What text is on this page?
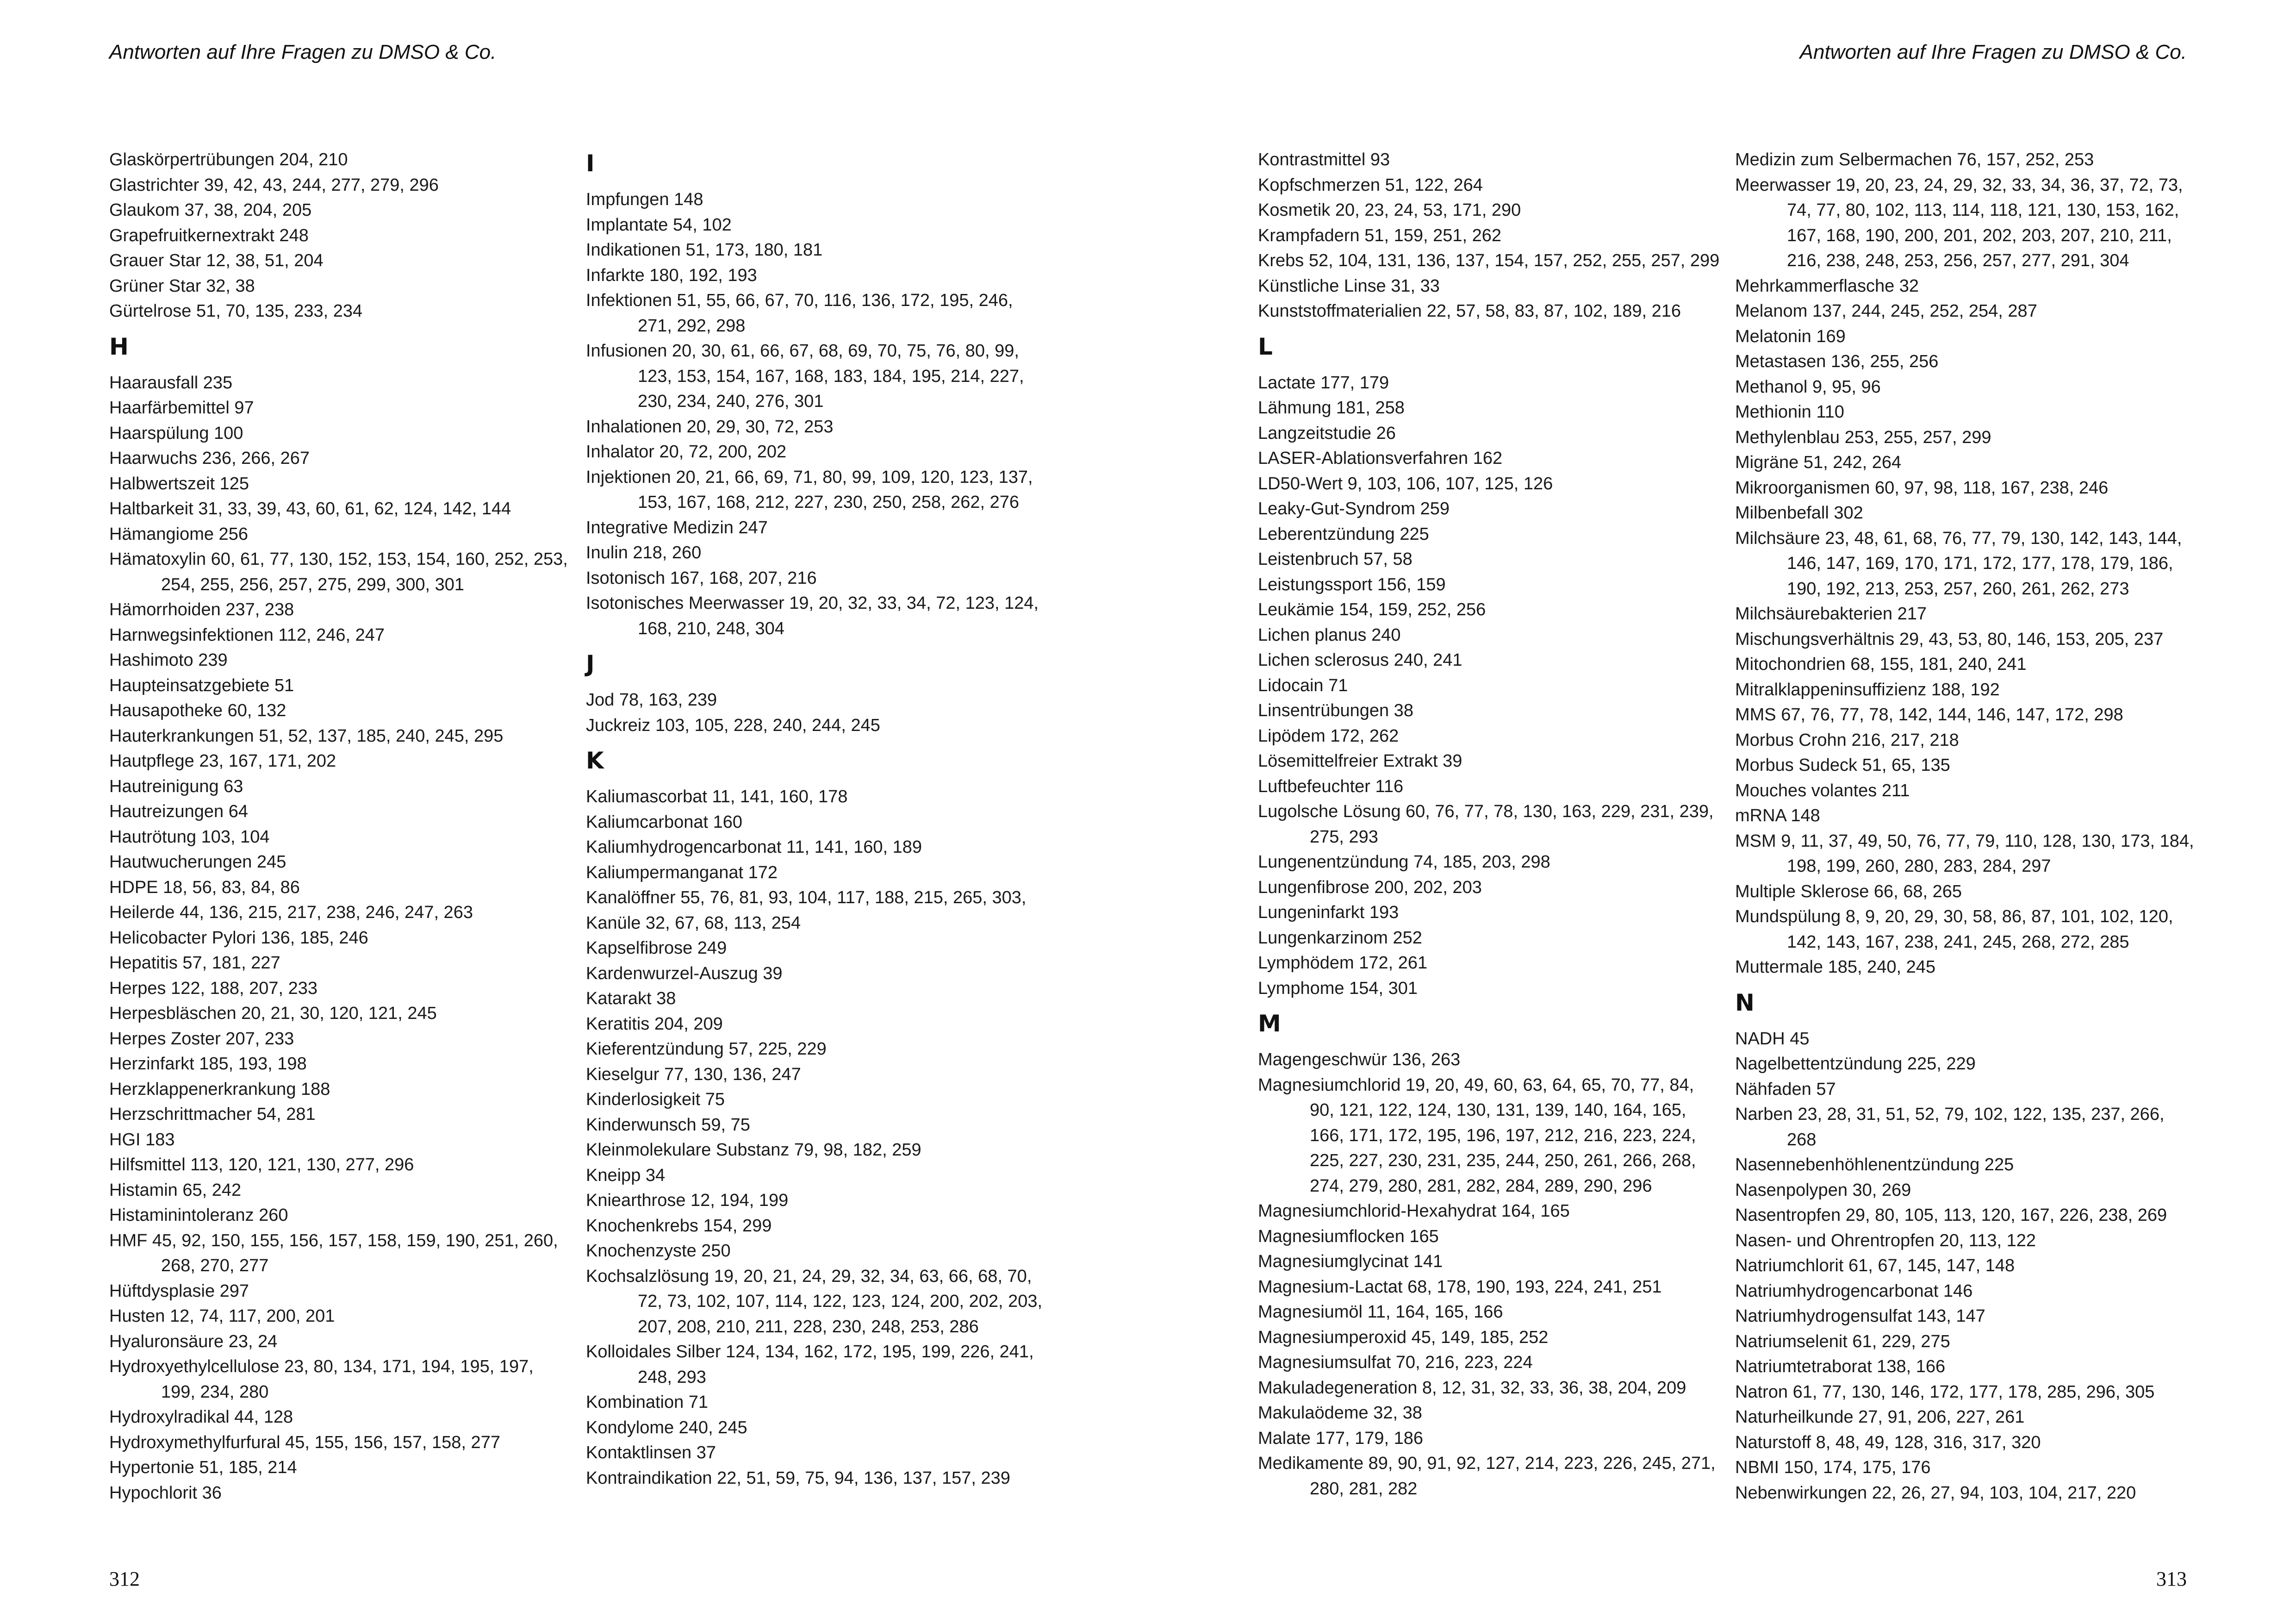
Antworten auf Ihre Fragen zu DMSO & Co.	Antworten auf Ihre Fragen zu DMSO & Co.
Glaskörpertrübungen 204, 210
Glastrichter 39, 42, 43, 244, 277, 279, 296
Glaukom 37, 38, 204, 205
Grapefruitkernextrakt 248
Grauer Star 12, 38, 51, 204
Grüner Star 32, 38
Gürtelrose 51, 70, 135, 233, 234
H
Haarausfall 235
Haarfärbemittel 97
Haarspülung 100
Haarwuchs 236, 266, 267
Halbwertszeit 125
Haltbarkeit 31, 33, 39, 43, 60, 61, 62, 124, 142, 144
Hämangiome 256
Hämatoxylin 60, 61, 77, 130, 152, 153, 154, 160, 252, 253, 254, 255, 256, 257, 275, 299, 300, 301
Hämorrhoiden 237, 238
Harnwegsinfektionen 112, 246, 247
Hashimoto 239
Haupteinsatzgebiete 51
Hausapotheke 60, 132
Hauterkrankungen 51, 52, 137, 185, 240, 245, 295
Hautpflege 23, 167, 171, 202
Hautreinigung 63
Hautreizungen 64
Hautrötung 103, 104
Hautwucherungen 245
HDPE 18, 56, 83, 84, 86
Heilerde 44, 136, 215, 217, 238, 246, 247, 263
Helicobacter Pylori 136, 185, 246
Hepatitis 57, 181, 227
Herpes 122, 188, 207, 233
Herpesbläschen 20, 21, 30, 120, 121, 245
Herpes Zoster 207, 233
Herzinfarkt 185, 193, 198
Herzklappenerkrankung 188
Herzschrittmacher 54, 281
HGI 183
Hilfsmittel 113, 120, 121, 130, 277, 296
Histamin 65, 242
Histaminintoleranz 260
HMF 45, 92, 150, 155, 156, 157, 158, 159, 190, 251, 260, 268, 270, 277
Hüftdysplasie 297
Husten 12, 74, 117, 200, 201
Hyaluronsäure 23, 24
Hydroxyethylcellulose 23, 80, 134, 171, 194, 195, 197, 199, 234, 280
Hydroxylradikal 44, 128
Hydroxymethylfurfural 45, 155, 156, 157, 158, 277
Hypertonie 51, 185, 214
Hypochlorit 36
I
Impfungen 148
Implantate 54, 102
Indikationen 51, 173, 180, 181
Infarkte 180, 192, 193
Infektionen 51, 55, 66, 67, 70, 116, 136, 172, 195, 246, 271, 292, 298
Infusionen 20, 30, 61, 66, 67, 68, 69, 70, 75, 76, 80, 99, 123, 153, 154, 167, 168, 183, 184, 195, 214, 227, 230, 234, 240, 276, 301
Inhalationen 20, 29, 30, 72, 253
Inhalator 20, 72, 200, 202
Injektionen 20, 21, 66, 69, 71, 80, 99, 109, 120, 123, 137, 153, 167, 168, 212, 227, 230, 250, 258, 262, 276
Integrative Medizin 247
Inulin 218, 260
Isotonisch 167, 168, 207, 216
Isotonisches Meerwasser 19, 20, 32, 33, 34, 72, 123, 124, 168, 210, 248, 304
J
Jod 78, 163, 239
Juckreiz 103, 105, 228, 240, 244, 245
K
Kaliumascorbat 11, 141, 160, 178
Kaliumcarbonat 160
Kaliumhydrogencarbonat 11, 141, 160, 189
Kaliumpermanganat 172
Kanalöffner 55, 76, 81, 93, 104, 117, 188, 215, 265, 303,
Kanüle 32, 67, 68, 113, 254
Kapselfibrose 249
Kardenwurzel-Auszug 39
Katarakt 38
Keratitis 204, 209
Kieferentzündung 57, 225, 229
Kieselgur 77, 130, 136, 247
Kinderlosigkeit 75
Kinderwunsch 59, 75
Kleinmolekulare Substanz 79, 98, 182, 259
Kneipp 34
Kniearthrose 12, 194, 199
Knochenkrebs 154, 299
Knochenzyste 250
Kochsalzlösung 19, 20, 21, 24, 29, 32, 34, 63, 66, 68, 70, 72, 73, 102, 107, 114, 122, 123, 124, 200, 202, 203, 207, 208, 210, 211, 228, 230, 248, 253, 286
Kolloidales Silber 124, 134, 162, 172, 195, 199, 226, 241, 248, 293
Kombination 71
Kondylome 240, 245
Kontaktlinsen 37
Kontraindikation 22, 51, 59, 75, 94, 136, 137, 157, 239
Kontrastmittel 93
Kopfschmerzen 51, 122, 264
Kosmetik 20, 23, 24, 53, 171, 290
Krampfadern 51, 159, 251, 262
Krebs 52, 104, 131, 136, 137, 154, 157, 252, 255, 257, 299
Künstliche Linse 31, 33
Kunststoffmaterialien 22, 57, 58, 83, 87, 102, 189, 216
L
Lactate 177, 179
Lähmung 181, 258
Langzeitstudie 26
LASER-Ablationsverfahren 162
LD50-Wert 9, 103, 106, 107, 125, 126
Leaky-Gut-Syndrom 259
Leberentzündung 225
Leistenbruch 57, 58
Leistungssport 156, 159
Leukämie 154, 159, 252, 256
Lichen planus 240
Lichen sclerosus 240, 241
Lidocain 71
Linsentrübungen 38
Lipödem 172, 262
Lösemittelfreier Extrakt 39
Luftbefeuchter 116
Lugolsche Lösung 60, 76, 77, 78, 130, 163, 229, 231, 239, 275, 293
Lungenentzündung 74, 185, 203, 298
Lungenfibrose 200, 202, 203
Lungeninfarkt 193
Lungenkarzinom 252
Lymphödem 172, 261
Lymphome 154, 301
M
Magengeschwür 136, 263
Magnesiumchlorid 19, 20, 49, 60, 63, 64, 65, 70, 77, 84, 90, 121, 122, 124, 130, 131, 139, 140, 164, 165, 166, 171, 172, 195, 196, 197, 212, 216, 223, 224, 225, 227, 230, 231, 235, 244, 250, 261, 266, 268, 274, 279, 280, 281, 282, 284, 289, 290, 296
Magnesiumchlorid-Hexahydrat 164, 165
Magnesiumflocken 165
Magnesiumglycinat 141
Magnesium-Lactat 68, 178, 190, 193, 224, 241, 251
Magnesiumöl 11, 164, 165, 166
Magnesiumperoxid 45, 149, 185, 252
Magnesiumsulfat 70, 216, 223, 224
Makuladegeneration 8, 12, 31, 32, 33, 36, 38, 204, 209
Makulaödeme 32, 38
Malate 177, 179, 186
Medikamente 89, 90, 91, 92, 127, 214, 223, 226, 245, 271, 280, 281, 282
Medizin zum Selbermachen 76, 157, 252, 253
Meerwasser 19, 20, 23, 24, 29, 32, 33, 34, 36, 37, 72, 73, 74, 77, 80, 102, 113, 114, 118, 121, 130, 153, 162, 167, 168, 190, 200, 201, 202, 203, 207, 210, 211, 216, 238, 248, 253, 256, 257, 277, 291, 304
Mehrkammerflasche 32
Melanom 137, 244, 245, 252, 254, 287
Melatonin 169
Metastasen 136, 255, 256
Methanol 9, 95, 96
Methionin 110
Methylenblau 253, 255, 257, 299
Migräne 51, 242, 264
Mikroorganismen 60, 97, 98, 118, 167, 238, 246
Milbenbefall 302
Milchsäure 23, 48, 61, 68, 76, 77, 79, 130, 142, 143, 144, 146, 147, 169, 170, 171, 172, 177, 178, 179, 186, 190, 192, 213, 253, 257, 260, 261, 262, 273
Milchsäurebakterien 217
Mischungsverhältnis 29, 43, 53, 80, 146, 153, 205, 237
Mitochondrien 68, 155, 181, 240, 241
Mitralklappeninsuffizienz 188, 192
MMS 67, 76, 77, 78, 142, 144, 146, 147, 172, 298
Morbus Crohn 216, 217, 218
Morbus Sudeck 51, 65, 135
Mouches volantes 211
mRNA 148
MSM 9, 11, 37, 49, 50, 76, 77, 79, 110, 128, 130, 173, 184, 198, 199, 260, 280, 283, 284, 297
Multiple Sklerose 66, 68, 265
Mundspülung 8, 9, 20, 29, 30, 58, 86, 87, 101, 102, 120, 142, 143, 167, 238, 241, 245, 268, 272, 285
Muttermale 185, 240, 245
N
NADH 45
Nagelbettentzündung 225, 229
Nähfaden 57
Narben 23, 28, 31, 51, 52, 79, 102, 122, 135, 237, 266, 268
Nasennebenhöhlenentzündung 225
Nasenpolypen 30, 269
Nasentropfen 29, 80, 105, 113, 120, 167, 226, 238, 269
Nasen- und Ohrentropfen 20, 113, 122
Natriumchlorit 61, 67, 145, 147, 148
Natriumhydrogencarbonat 146
Natriumhydrogensulfat 143, 147
Natriumselenit 61, 229, 275
Natriumtetraborat 138, 166
Natron 61, 77, 130, 146, 172, 177, 178, 285, 296, 305
Naturheilkunde 27, 91, 206, 227, 261
Naturstoff 8, 48, 49, 128, 316, 317, 320
NBMI 150, 174, 175, 176
Nebenwirkungen 22, 26, 27, 94, 103, 104, 217, 220
312	313
